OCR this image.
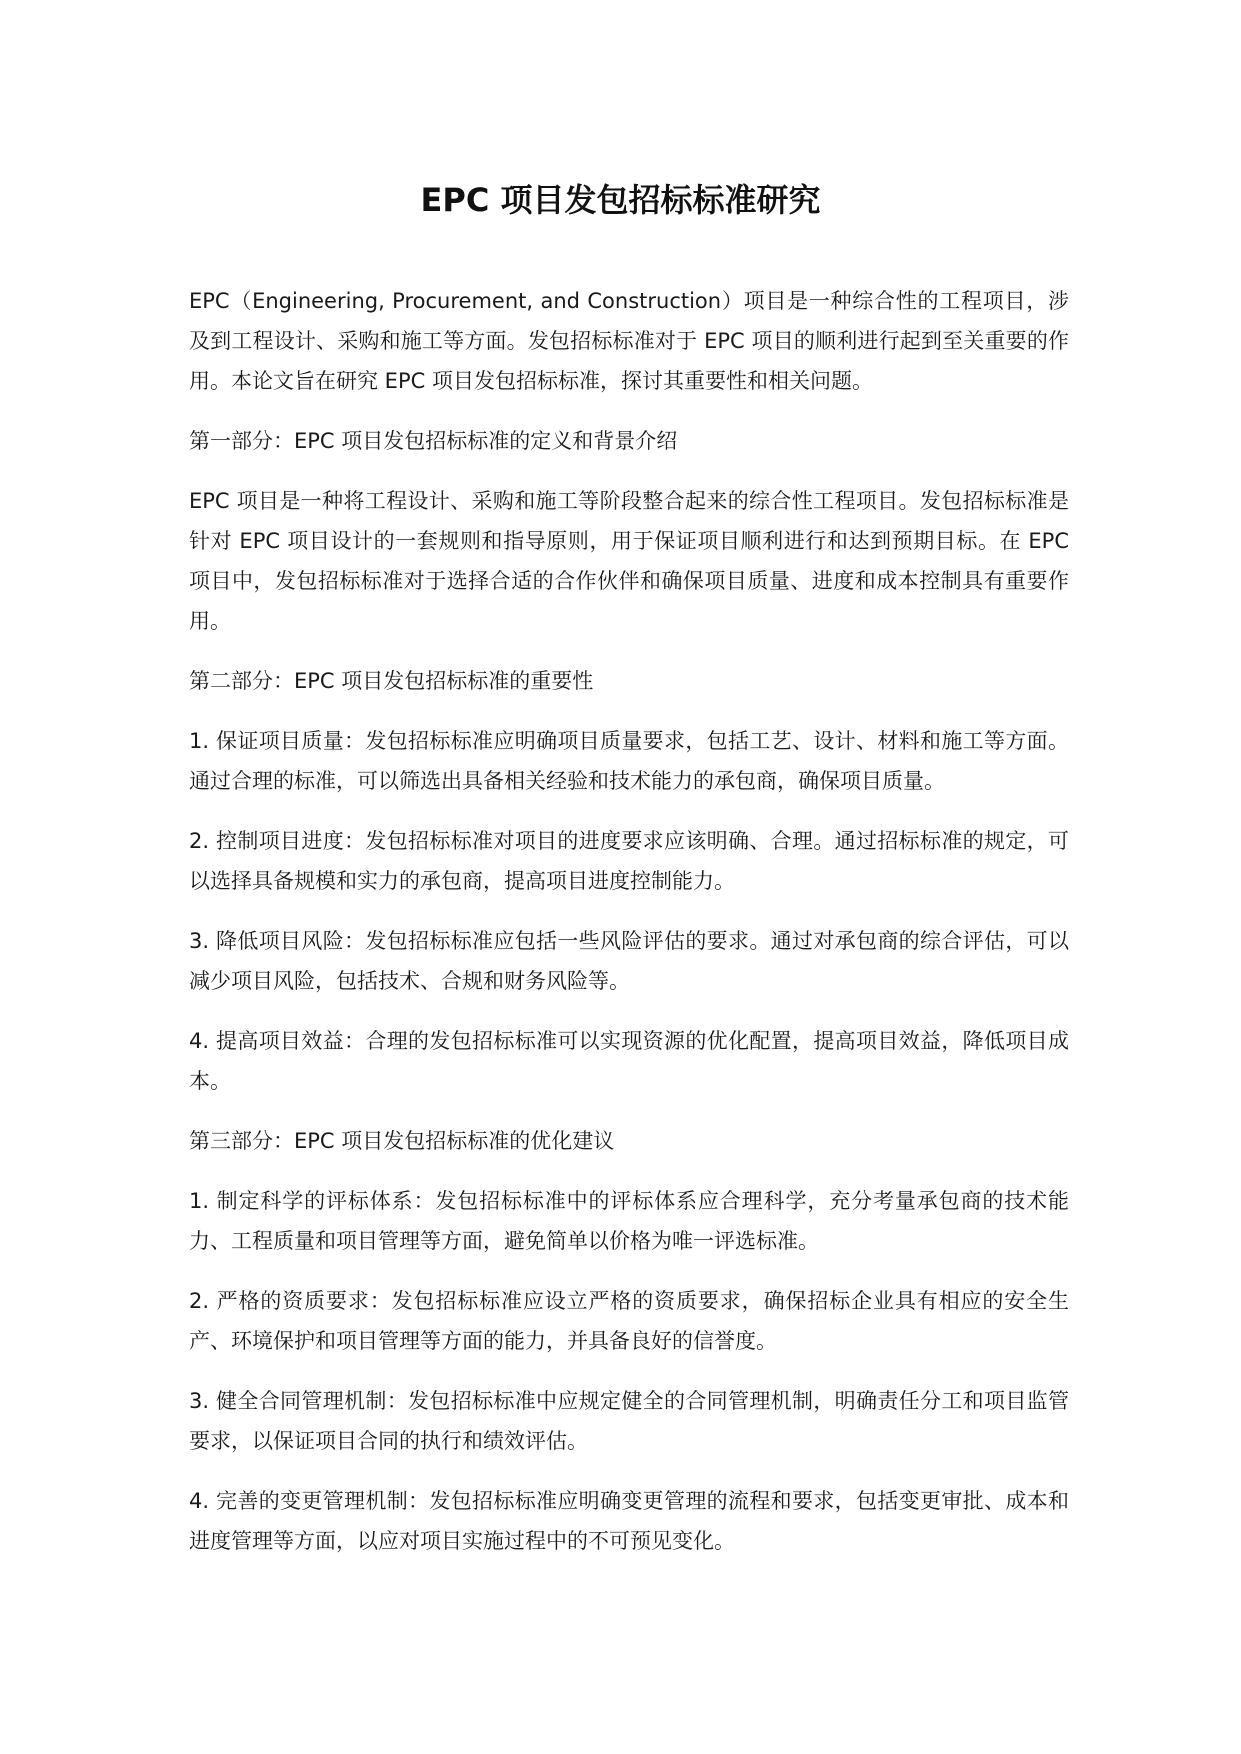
EPC 项目发包招标标准研究

EPC（Engineering, Procurement, and Construction）项目是一种综合性的工程项目，涉及到工程设计、采购和施工等方面。发包招标标准对于 EPC 项目的顺利进行起到至关重要的作用。本论文旨在研究 EPC 项目发包招标标准，探讨其重要性和相关问题。

第一部分：EPC 项目发包招标标准的定义和背景介绍

EPC 项目是一种将工程设计、采购和施工等阶段整合起来的综合性工程项目。发包招标标准是针对 EPC 项目设计的一套规则和指导原则，用于保证项目顺利进行和达到预期目标。在 EPC 项目中，发包招标标准对于选择合适的合作伙伴和确保项目质量、进度和成本控制具有重要作用。

第二部分：EPC 项目发包招标标准的重要性

1. 保证项目质量：发包招标标准应明确项目质量要求，包括工艺、设计、材料和施工等方面。通过合理的标准，可以筛选出具备相关经验和技术能力的承包商，确保项目质量。

2. 控制项目进度：发包招标标准对项目的进度要求应该明确、合理。通过招标标准的规定，可以选择具备规模和实力的承包商，提高项目进度控制能力。

3. 降低项目风险：发包招标标准应包括一些风险评估的要求。通过对承包商的综合评估，可以减少项目风险，包括技术、合规和财务风险等。

4. 提高项目效益：合理的发包招标标准可以实现资源的优化配置，提高项目效益，降低项目成本。

第三部分：EPC 项目发包招标标准的优化建议

1. 制定科学的评标体系：发包招标标准中的评标体系应合理科学，充分考量承包商的技术能力、工程质量和项目管理等方面，避免简单以价格为唯一评选标准。

2. 严格的资质要求：发包招标标准应设立严格的资质要求，确保招标企业具有相应的安全生产、环境保护和项目管理等方面的能力，并具备良好的信誉度。

3. 健全合同管理机制：发包招标标准中应规定健全的合同管理机制，明确责任分工和项目监管要求，以保证项目合同的执行和绩效评估。

4. 完善的变更管理机制：发包招标标准应明确变更管理的流程和要求，包括变更审批、成本和进度管理等方面，以应对项目实施过程中的不可预见变化。
